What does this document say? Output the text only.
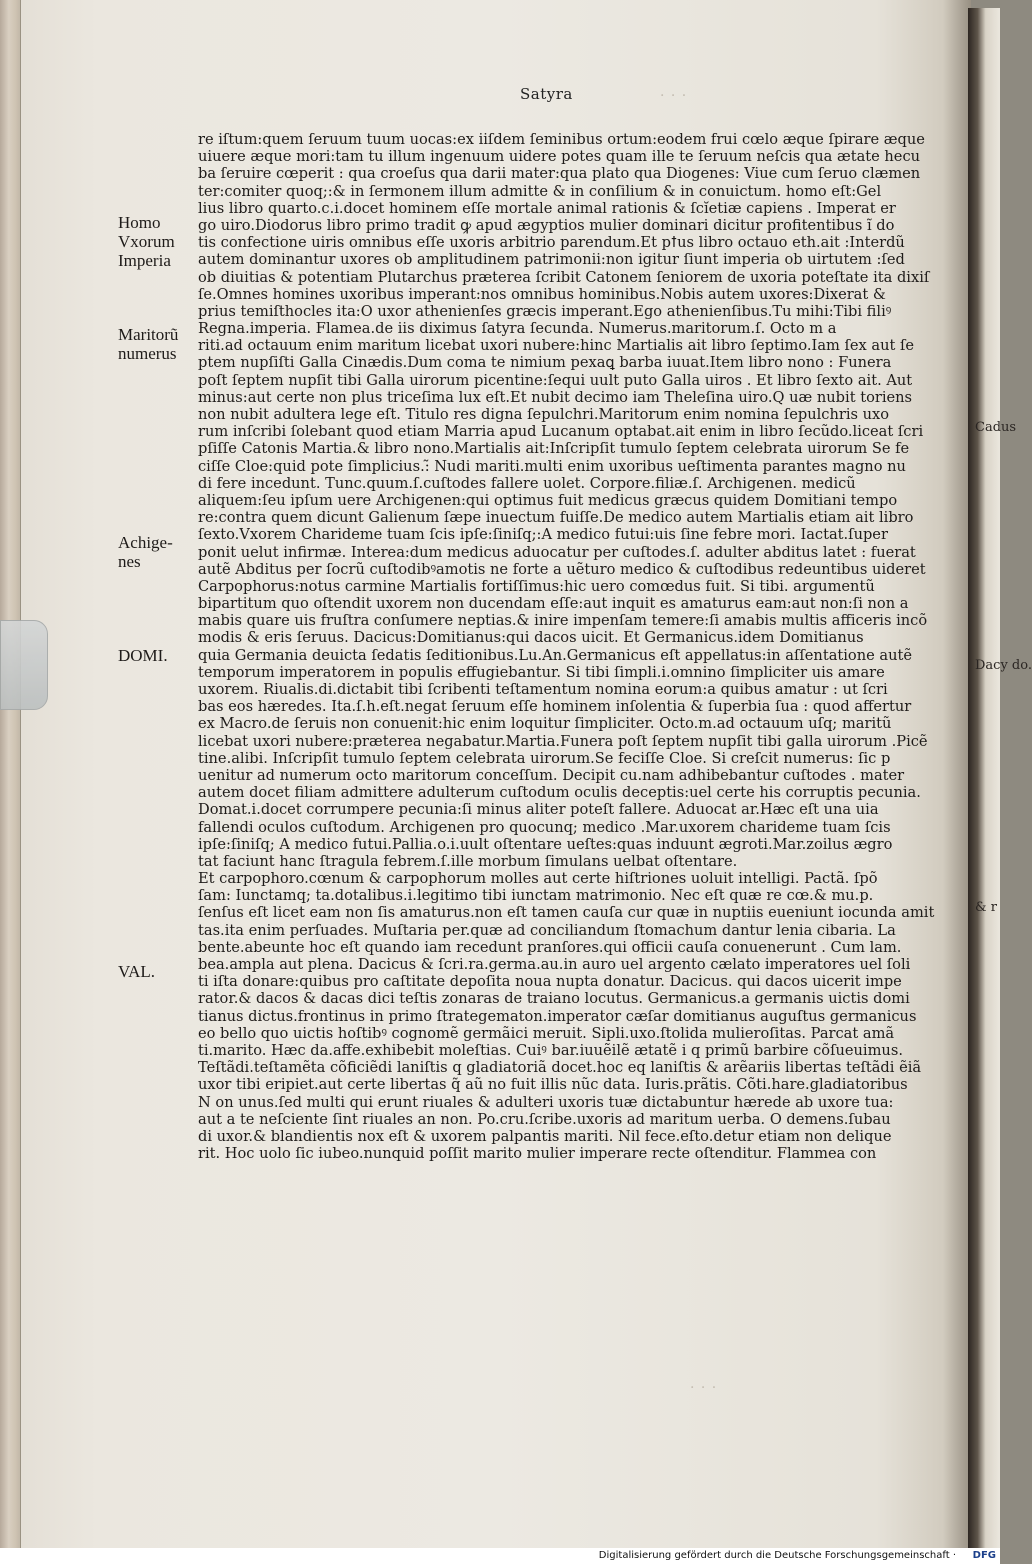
· · ·
· · ·
Satyra
Cadus
Dacy do.
& r
Homo
Vxorum
Imperia
Maritorũ
numerus
Achige-
nes
DOMI.
VAL.
re iſtum:quem ſeruum tuum uocas:ex iiſdem ſeminibus ortum:eodem frui cœlo æque ſpirare æque
uiuere æque mori:tam tu illum ingenuum uidere potes quam ille te ſeruum neſcis qua ætate hecu
ba ſeruire cœperit : qua croeſus qua darii mater:qua plato qua Diogenes: Viue cum ſeruo clæmen
ter:comiter quoq;:& in ſermonem illum admitte & in conſilium & in conuictum. homo eſt:Gel
lius libro quarto.c.i.docet hominem eſſe mortale animal rationis & ſcĭetiæ capiens . Imperat er
go uiro.Diodorus libro primo tradit ꝙ apud ægyptios mulier dominari dicitur profitentibus ĩ do
tis confectione uiris omnibus eſſe uxoris arbitrio parendum.Et pꝉus libro octauo eth.ait :Interdũ
autem dominantur uxores ob amplitudinem patrimonii:non igitur ſiunt imperia ob uirtutem :ſed
ob diuitias & potentiam Plutarchus præterea ſcribit Catonem ſeniorem de uxoria poteſtate ita dixiſ
ſe.Omnes homines uxoribus imperant:nos omnibus hominibus.Nobis autem uxores:Dixerat &
prius temiſthocles ita:O uxor athenienſes græcis imperant.Ego athenienſibus.Tu mihi:Tibi filiꝰ
Regna.imperia. Flamea.de iis diximus ſatyra ſecunda. Numerus.maritorum.ſ. Octo m a
riti.ad octauum enim maritum licebat uxori nubere:hinc Martialis ait libro ſeptimo.Iam ſex aut ſe
ptem nupſiſti Galla Cinædis.Dum coma te nimium pexaꝗ barba iuuat.Item libro nono : Funera
poſt ſeptem nupſit tibi Galla uirorum picentine:ſequi uult puto Galla uiros . Et libro ſexto ait. Aut
minus:aut certe non plus triceſima lux eſt.Et nubit decimo iam Theleſina uiro.Q uæ nubit toriens
non nubit adultera lege eſt. Titulo res digna ſepulchri.Maritorum enim nomina ſepulchris uxo
rum inſcribi ſolebant quod etiam Marria apud Lucanum optabat.ait enim in libro ſecũdo.liceat ſcri
pſiſſe Catonis Martia.& libro nono.Martialis ait:Inſcripſit tumulo ſeptem celebrata uirorum Se fe
ciſſe Cloe:quid pote ſimplicius.:̃ Nudi mariti.multi enim uxoribus ueſtimenta parantes magno nu
di fere incedunt. Tunc.quum.ſ.cuſtodes fallere uolet. Corpore.filiæ.ſ. Archigenen. medicũ
aliquem:ſeu ipſum uere Archigenen:qui optimus fuit medicus græcus quidem Domitiani tempo
re:contra quem dicunt Galienum ſæpe inuectum fuiſſe.De medico autem Martialis etiam ait libro
ſexto.Vxorem Charideme tuam ſcis ipſe:ſiniſq;:A medico futui:uis ſine febre mori. Iactat.ſuper
ponit uelut infirmæ. Interea:dum medicus aduocatur per cuſtodes.ſ. adulter abditus latet : fuerat
autẽ Abditus per ſocrũ cuſtodibꝰamotis ne forte a uẽturo medico & cuſtodibus redeuntibus uideret
Carpophorus:notus carmine Martialis fortiſſimus:hic uero comœdus fuit. Si tibi. argumentũ
bipartitum quo oſtendit uxorem non ducendam eſſe:aut inquit es amaturus eam:aut non:ſi non a
mabis quare uis fruſtra conſumere neptias.& inire impenſam temere:ſi amabis multis afficeris incõ
modis & eris ſeruus. Dacicus:Domitianus:qui dacos uicit. Et Germanicus.idem Domitianus
quia Germania deuicta ſedatis ſeditionibus.Lu.An.Germanicus eſt appellatus:in aſſentatione autẽ
temporum imperatorem in populis effugiebantur. Si tibi ſimpli.i.omnino ſimpliciter uis amare
uxorem. Riualis.di.dictabit tibi ſcribenti teſtamentum nomina eorum:a quibus amatur : ut ſcri
bas eos hæredes. Ita.ſ.h.eſt.negat ſeruum eſſe hominem inſolentia & ſuperbia ſua : quod affertur
ex Macro.de ſeruis non conuenit:hic enim loquitur ſimpliciter. Octo.m.ad octauum uſq; maritũ
licebat uxori nubere:præterea negabatur.Martia.Funera poſt ſeptem nupſit tibi galla uirorum .Picẽ
tine.alibi. Inſcripſit tumulo ſeptem celebrata uirorum.Se feciſſe Cloe. Si creſcit numerus: ſic p
uenitur ad numerum octo maritorum conceſſum. Decipit cu.nam adhibebantur cuſtodes . mater
autem docet filiam admittere adulterum cuſtodum oculis deceptis:uel certe his corruptis pecunia.
Domat.i.docet corrumpere pecunia:ſi minus aliter poteſt fallere. Aduocat ar.Hæc eſt una uia
fallendi oculos cuſtodum. Archigenen pro quocunq; medico .Mar.uxorem charideme tuam ſcis
ipſe:ſiniſq; A medico futui.Pallia.o.i.uult oſtentare ueſtes:quas induunt ægroti.Mar.zoilus ægro
tat faciunt hanc ſtragula febrem.ſ.ille morbum ſimulans uelbat oſtentare.
Et carpophoro.cœnum & carpophorum molles aut certe hiſtriones uoluit intelligi. Pactã. ſpõ
ſam: Iunctamq; ta.dotalibus.i.legitimo tibi iunctam matrimonio. Nec eſt quæ re cœ.& mu.p.
ſenſus eſt licet eam non ſis amaturus.non eſt tamen cauſa cur quæ in nuptiis eueniunt iocunda amit
tas.ita enim perſuades. Muſtaria per.quæ ad conciliandum ſtomachum dantur lenia cibaria. La
bente.abeunte hoc eſt quando iam recedunt pranſores.qui officii cauſa conuenerunt . Cum lam.
bea.ampla aut plena. Dacicus & ſcri.ra.germa.au.in auro uel argento cælato imperatores uel ſoli
ti iſta donare:quibus pro caſtitate depoſita noua nupta donatur. Dacicus. qui dacos uicerit impe
rator.& dacos & dacas dici teſtis zonaras de traiano locutus. Germanicus.a germanis uictis domi
tianus dictus.frontinus in primo ſtrategematon.imperator cæſar domitianus auguſtus germanicus
eo bello quo uictis hoſtibꝰ cognomẽ germãici meruit. Sipli.uxo.ſtolida mulieroſitas. Parcat amã
ti.marito. Hæc da.affe.exhibebit moleſtias. Cuiꝰ bar.iuuẽilẽ ætatẽ i q primũ barbire cõſueuimus.
Teſtãdi.teſtamẽta cõficiẽdi laniſtis q gladiatoriã docet.hoc eq laniſtis & arẽariis libertas teſtãdi ẽiã
uxor tibi eripiet.aut certe libertas q̃ aũ no fuit illis nũc data. Iuris.prãtis. Cõti.hare.gladiatoribus
N on unus.ſed multi qui erunt riuales & adulteri uxoris tuæ dictabuntur hærede ab uxore tua:
aut a te neſciente ſint riuales an non. Po.cru.ſcribe.uxoris ad maritum uerba. O demens.ſubau
di uxor.& blandientis nox eſt & uxorem palpantis mariti. Nil fece.eſto.detur etiam non delique
rit. Hoc uolo ſic iubeo.nunquid poſſit marito mulier imperare recte oſtenditur. Flammea con
Digitalisierung gefördert durch die Deutsche Forschungsgemeinschaft · DFG
